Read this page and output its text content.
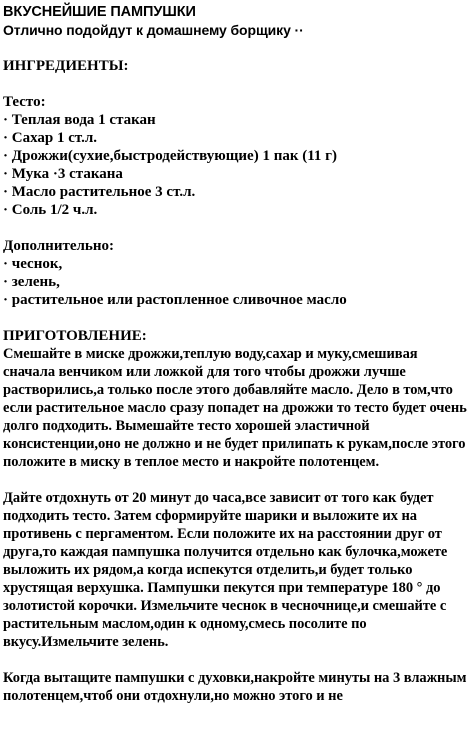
ВКУСНЕЙШИЕ ПАМПУШКИ
Отлично подойдут к домашнему борщику ··
ИНГРЕДИЕНТЫ:
Тесто:
· Теплая вода 1 стакан
· Сахар 1 ст.л.
· Дрожжи(сухие,быстродействующие) 1 пак (11 г)
· Мука ·3 стакана
· Масло растительное 3 ст.л.
· Соль 1/2 ч.л.
Дополнительно:
· чеснок,
· зелень,
· растительное или растопленное сливочное масло
ПРИГОТОВЛЕНИЕ:

Смешайте в миске дрожжи,теплую воду,сахар и муку,смешивая сначала венчиком или ложкой для того чтобы дрожжи лучше растворились,а только после этого добавляйте масло. Дело в том,что если растительное масло сразу попадет на дрожжи то тесто будет очень долго подходить. Вымешайте тесто хорошей эластичной консистенции,оно не должно и не будет прилипать к рукам,после этого положите в миску в теплое место и накройте полотенцем.

Дайте отдохнуть от 20 минут до часа,все зависит от того как будет подходить тесто. Затем сформируйте шарики и выложите их на противень с пергаментом. Если положите их на расстоянии друг от друга,то каждая пампушка получится отдельно как булочка,можете выложить их рядом,а когда испекутся отделить,и будет только хрустящая верхушка. Пампушки пекутся при температуре 180 ° до золотистой корочки. Измельчите чеснок в чесночнице,и смешайте с растительным маслом,один к одному,смесь посолите по вкусу.Измельчите зелень.

Когда вытащите пампушки с духовки,накройте минуты на 3 влажным полотенцем,чтоб они отдохнули,но можно этого и не
